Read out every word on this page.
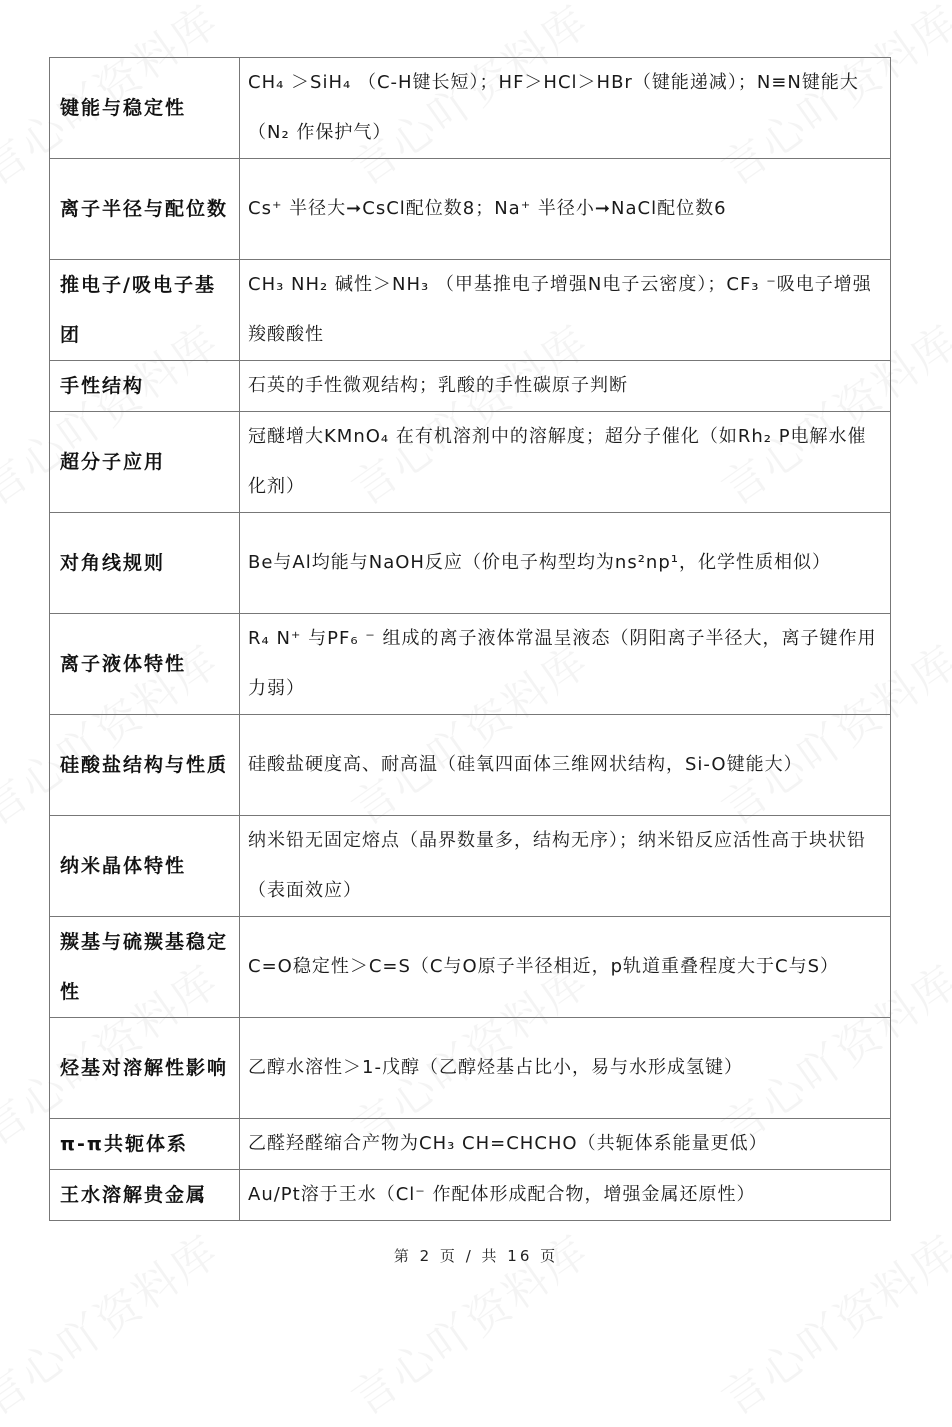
键能与稳定性	CH₄ ＞SiH₄ （C-H键长短）；HF＞HCl＞HBr（键能递减）；N≡N键能大（N₂ 作保护气）
离子半径与配位数	Cs⁺ 半径大➞CsCl配位数8；Na⁺ 半径小➞NaCl配位数6
推电子/吸电子基团	CH₃ NH₂ 碱性＞NH₃ （甲基推电子增强N电子云密度）；CF₃ ⁻吸电子增强羧酸酸性
手性结构	石英的手性微观结构；乳酸的手性碳原子判断
超分子应用	冠醚增大KMnO₄ 在有机溶剂中的溶解度；超分子催化（如Rh₂ P电解水催化剂）
对角线规则	Be与Al均能与NaOH反应（价电子构型均为ns²np¹，化学性质相似）
离子液体特性	R₄ N⁺ 与PF₆ ⁻ 组成的离子液体常温呈液态（阴阳离子半径大，离子键作用力弱）
硅酸盐结构与性质	硅酸盐硬度高、耐高温（硅氧四面体三维网状结构，Si-O键能大）
纳米晶体特性	纳米铅无固定熔点（晶界数量多，结构无序）；纳米铅反应活性高于块状铅（表面效应）
羰基与硫羰基稳定性	C=O稳定性＞C=S（C与O原子半径相近，p轨道重叠程度大于C与S）
烃基对溶解性影响	乙醇水溶性＞1-戊醇（乙醇烃基占比小，易与水形成氢键）
π-π共轭体系	乙醛羟醛缩合产物为CH₃ CH=CHCHO（共轭体系能量更低）
王水溶解贵金属	Au/Pt溶于王水（Cl⁻ 作配体形成配合物，增强金属还原性）
第 2 页 / 共 16 页
